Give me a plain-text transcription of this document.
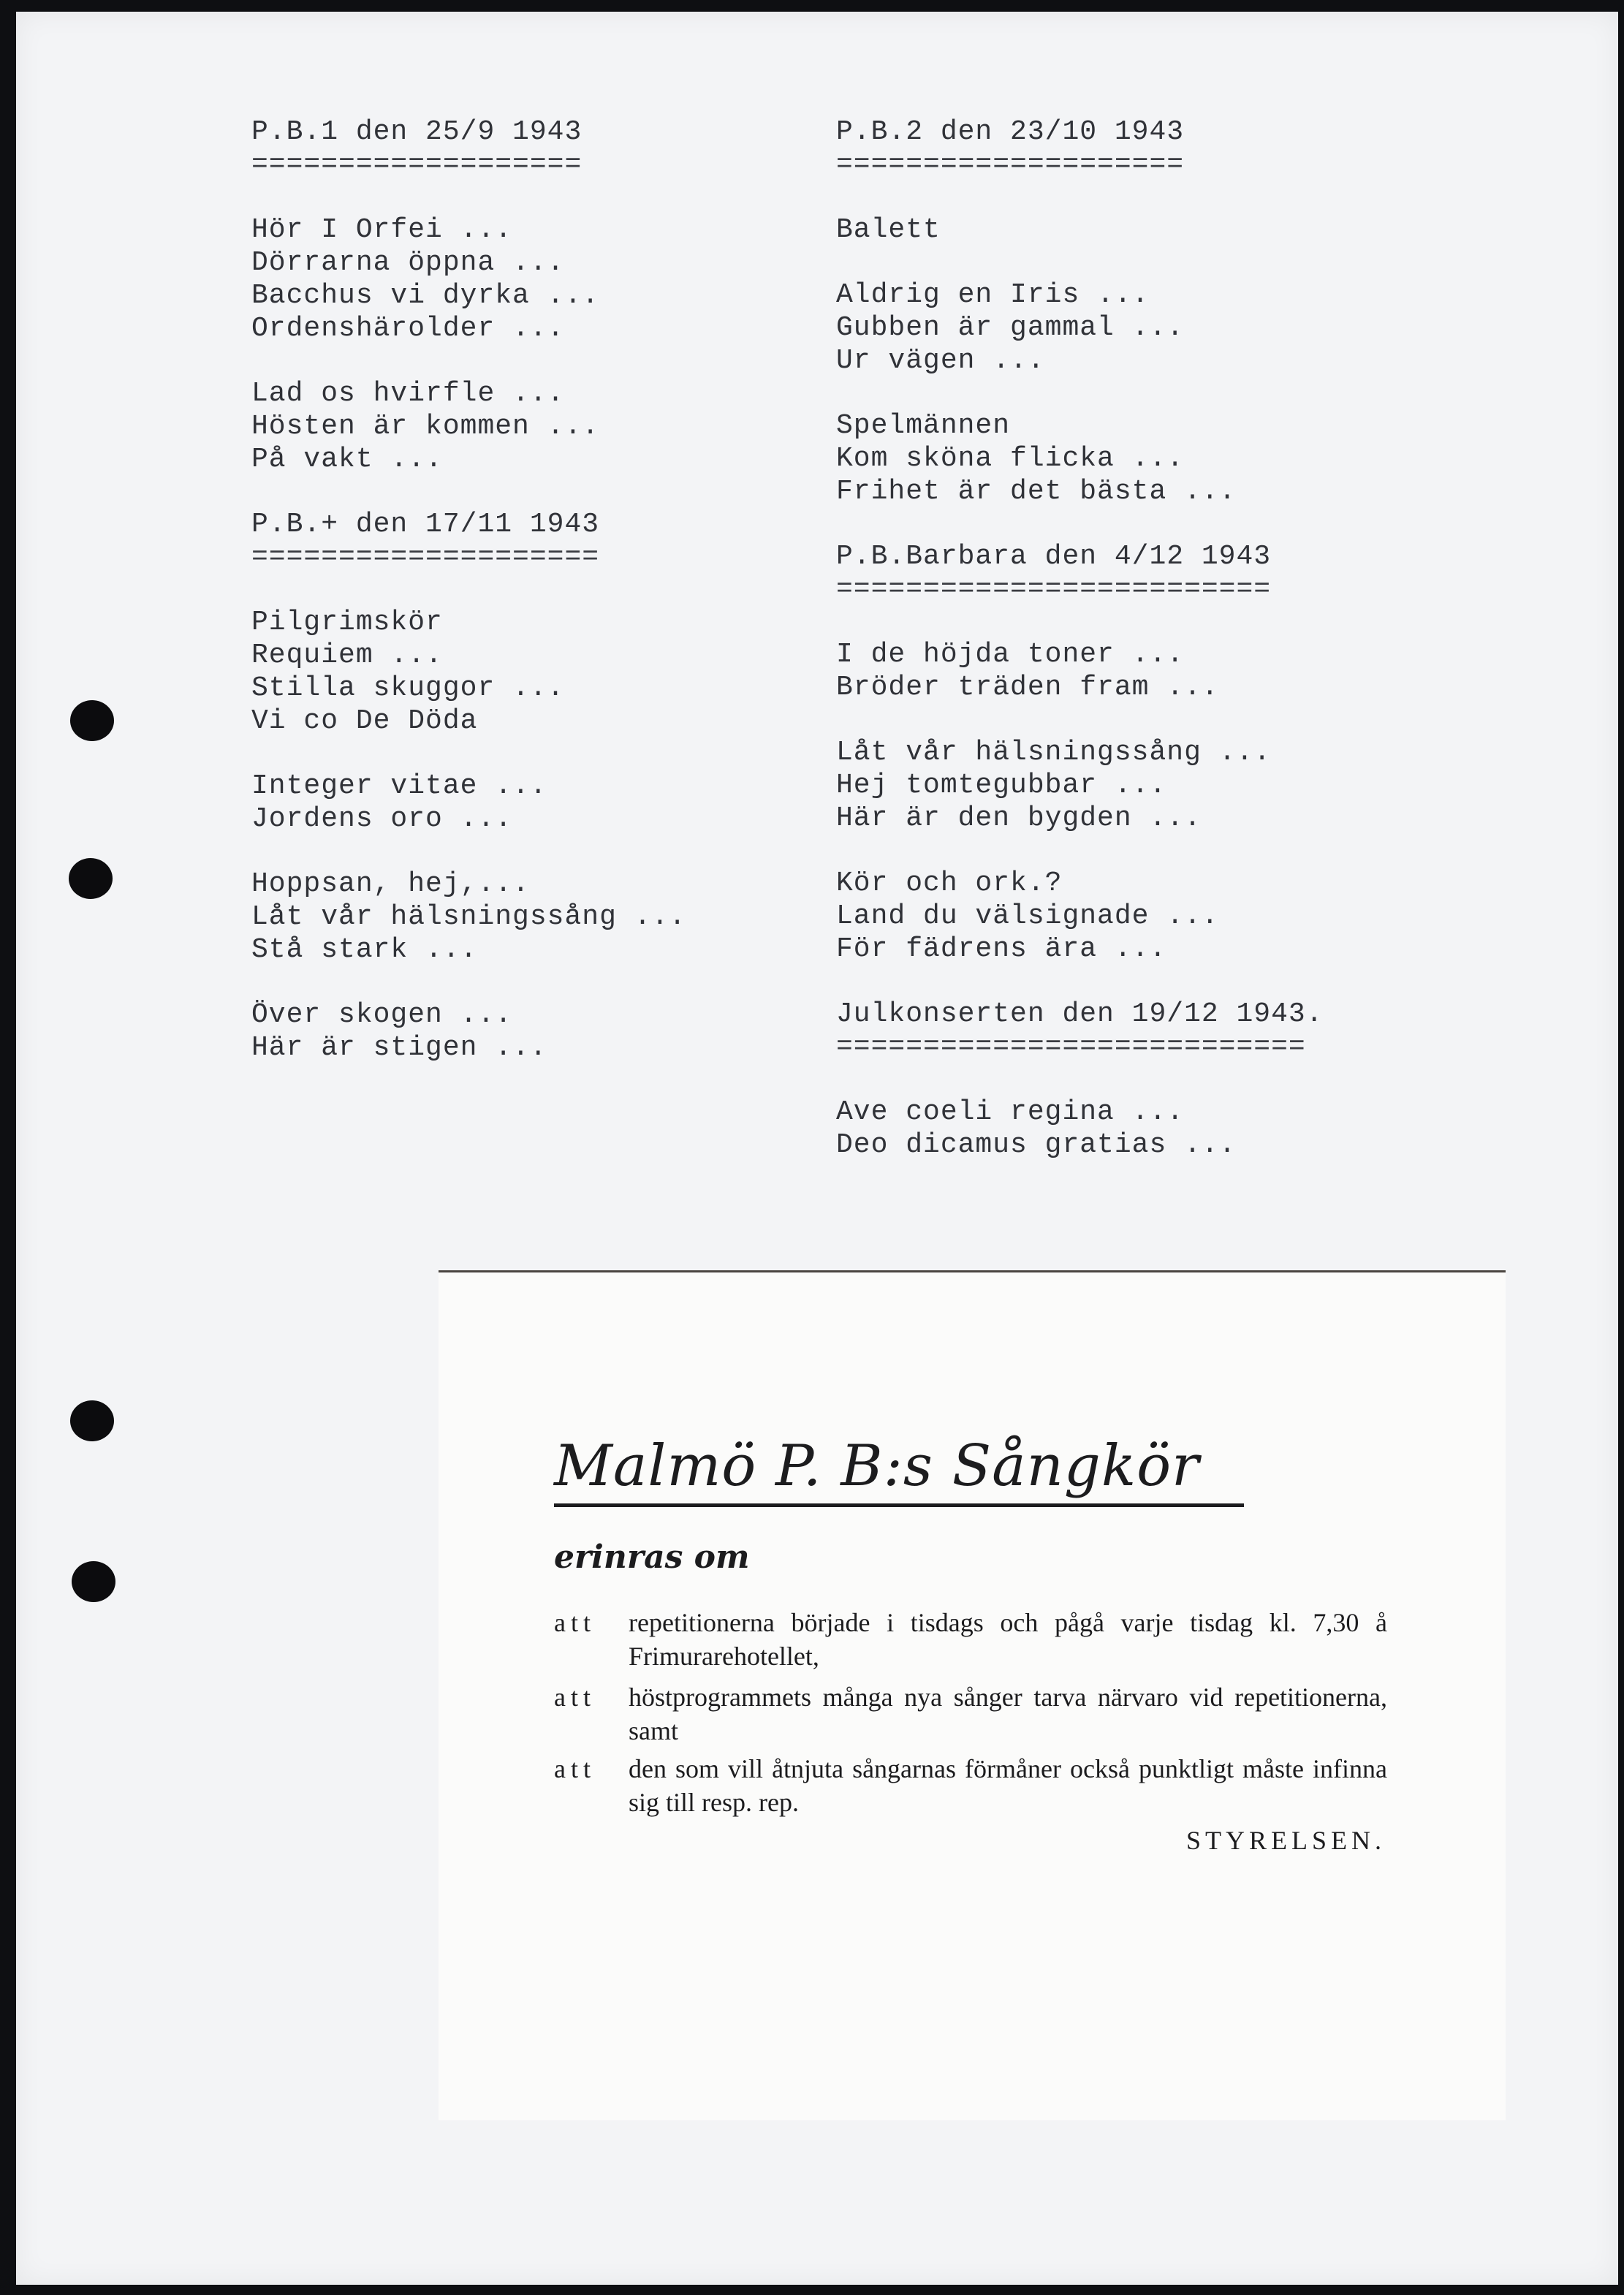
P.B.1 den 25/9 1943
===================
Hör I Orfei ...
Dörrarna öppna ...
Bacchus vi dyrka ...
Ordenshärolder ...
Lad os hvirfle ...
Hösten är kommen ...
På vakt ...
P.B.+ den 17/11 1943
====================
Pilgrimskör
Requiem ...
Stilla skuggor ...
Vi co De Döda
Integer vitae ...
Jordens oro ...
Hoppsan, hej,...
Låt vår hälsningssång ...
Stå stark ...
Över skogen ...
Här är stigen ...
P.B.2 den 23/10 1943
====================
Balett
Aldrig en Iris ...
Gubben är gammal ...
Ur vägen ...
Spelmännen
Kom sköna flicka ...
Frihet är det bästa ...
P.B.Barbara den 4/12 1943
=========================
I de höjda toner ...
Bröder träden fram ...
Låt vår hälsningssång ...
Hej tomtegubbar ...
Här är den bygden ...
Kör och ork.?
Land du välsignade ...
För fädrens ära ...
Julkonserten den 19/12 1943.
===========================
Ave coeli regina ...
Deo dicamus gratias ...
Malmö P. B:s Sångkör
erinras om
att repetitionerna började i tisdags och pågå varje tisdag kl. 7,30 å Frimurarehotellet,
att höstprogrammets många nya sånger tarva närvaro vid repetitionerna, samt
att den som vill åtnjuta sångarnas förmåner också punktligt måste infinna sig till resp. rep.
STYRELSEN.
